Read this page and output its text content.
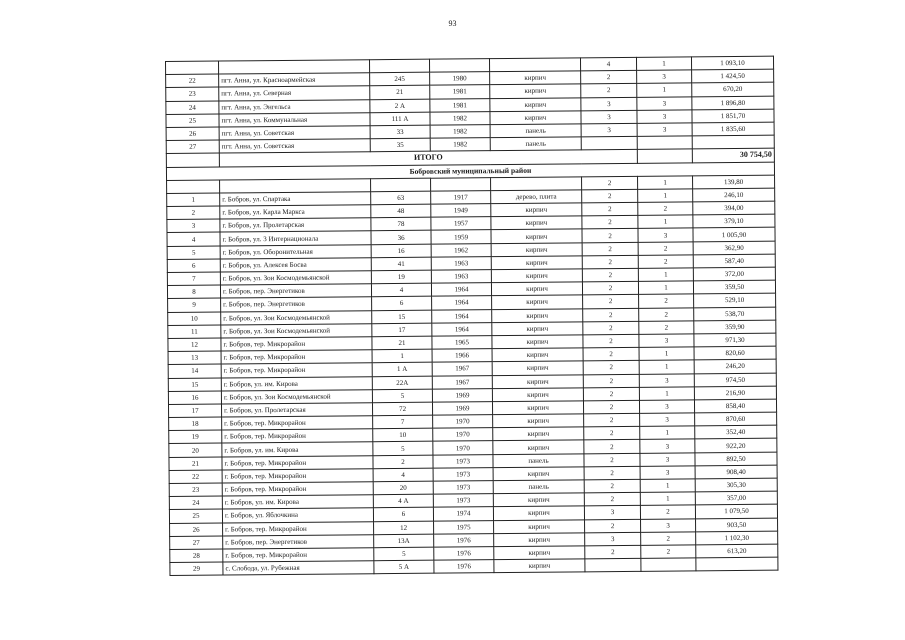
93
					4	1	1 093,10
22	пгт. Анна, ул. Красноармейская	245	1980	кирпич	2	3	1 424,50
23	пгт. Анна, ул. Северная	21	1981	кирпич	2	1	670,20
24	пгт. Анна, ул. Энгельса	2 А	1981	кирпич	3	3	1 896,80
25	пгт. Анна, ул. Коммунальная	111 А	1982	кирпич	3	3	1 851,70
26	пгт. Анна, ул. Советская	33	1982	панель	3	3	1 835,60
27	пгт. Анна, ул. Советская	35	1982	панель			
	ИТОГО						30 754,50
Бобровский муниципальный район							
					2	1	139,80
1	г. Бобров, ул. Спартака	63	1917	дерево, плита	2	1	246,10
2	г. Бобров, ул. Карла Маркса	48	1949	кирпич	2	2	394,00
3	г. Бобров, ул. Пролетарская	78	1957	кирпич	2	1	379,10
4	г. Бобров, ул. 3 Интернационала	36	1959	кирпич	2	3	1 005,90
5	г. Бобров, ул. Оборонительная	16	1962	кирпич	2	2	362,90
6	г. Бобров, ул. Алексея Босва	41	1963	кирпич	2	2	587,40
7	г. Бобров, ул. Зои Космодемьянской	19	1963	кирпич	2	1	372,00
8	г. Бобров, пер. Энергетиков	4	1964	кирпич	2	1	359,50
9	г. Бобров, пер. Энергетиков	6	1964	кирпич	2	2	529,10
10	г. Бобров, ул. Зои Космодемьянской	15	1964	кирпич	2	2	538,70
11	г. Бобров, ул. Зои Космодемьянской	17	1964	кирпич	2	2	359,90
12	г. Бобров, тер. Микрорайон	21	1965	кирпич	2	3	971,30
13	г. Бобров, тер. Микрорайон	1	1966	кирпич	2	1	820,60
14	г. Бобров, тер. Микрорайон	1 А	1967	кирпич	2	1	246,20
15	г. Бобров, ул. им. Кирова	22А	1967	кирпич	2	3	974,50
16	г. Бобров, ул. Зои Космодемьянской	5	1969	кирпич	2	1	216,90
17	г. Бобров, ул. Пролетарская	72	1969	кирпич	2	3	858,40
18	г. Бобров, тер. Микрорайон	7	1970	кирпич	2	3	870,60
19	г. Бобров, тер. Микрорайон	10	1970	кирпич	2	1	352,40
20	г. Бобров, ул. им. Кирова	5	1970	кирпич	2	3	922,20
21	г. Бобров, тер. Микрорайон	2	1973	панель	2	3	892,50
22	г. Бобров, тер. Микрорайон	4	1973	кирпич	2	3	908,40
23	г. Бобров, тер. Микрорайон	20	1973	панель	2	1	305,30
24	г. Бобров, ул. им. Кирова	4 А	1973	кирпич	2	1	357,00
25	г. Бобров, ул. Яблочкина	6	1974	кирпич	3	2	1 079,50
26	г. Бобров, тер. Микрорайон	12	1975	кирпич	2	3	903,50
27	г. Бобров, пер. Энергетиков	13А	1976	кирпич	3	2	1 102,30
28	г. Бобров, тер. Микрорайон	5	1976	кирпич	2	2	613,20
29	с. Слобода, ул. Рубежная	5 А	1976	кирпич			
